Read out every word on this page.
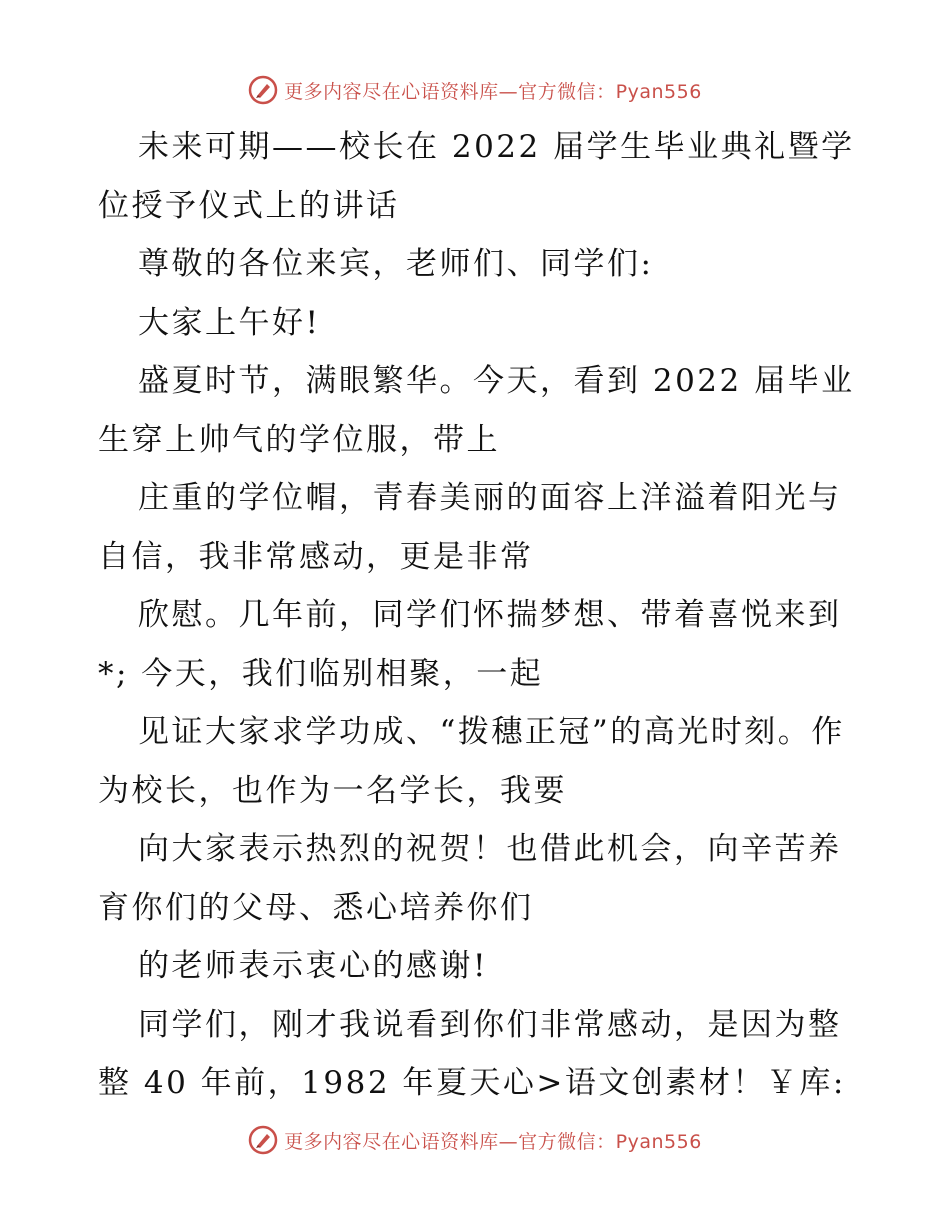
更多内容尽在心语资料库—官方微信：Pyan556

未来可期——校长在 2022 届学生毕业典礼暨学位授予仪式上的讲话

尊敬的各位来宾，老师们、同学们:

大家上午好!

盛夏时节，满眼繁华。今天，看到 2022 届毕业生穿上帅气的学位服，带上

庄重的学位帽，青春美丽的面容上洋溢着阳光与自信，我非常感动，更是非常

欣慰。几年前，同学们怀揣梦想、带着喜悦来到*; 今天，我们临别相聚，一起

见证大家求学功成、“拨穗正冠”的高光时刻。作为校长，也作为一名学长，我要

向大家表示热烈的祝贺！也借此机会，向辛苦养育你们的父母、悉心培养你们

的老师表示衷心的感谢!

同学们，刚才我说看到你们非常感动，是因为整整 40 年前，1982 年夏天心>语文创素材！￥库:

更多内容尽在心语资料库—官方微信：Pyan556
